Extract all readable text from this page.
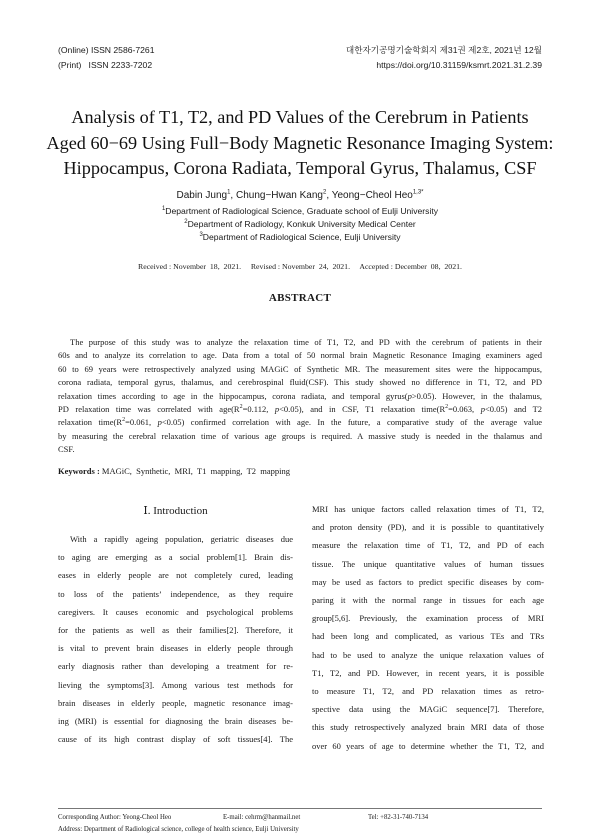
(Online) ISSN 2586-7261
(Print)   ISSN 2233-7202
대한자기공명기술학회지 제31권 제2호, 2021년 12월
https://doi.org/10.31159/ksmrt.2021.31.2.39
Analysis of T1, T2, and PD Values of the Cerebrum in Patients
Aged 60−69 Using Full−Body Magnetic Resonance Imaging System:
Hippocampus, Corona Radiata, Temporal Gyrus, Thalamus, CSF
Dabin Jung$^1$, Chung−Hwan Kang$^2$, Yeong−Cheol Heo$^{1,3*}$
$^1$Department of Radiological Science, Graduate school of Eulji University
$^2$Department of Radiology, Konkuk University Medical Center
$^3$Department of Radiological Science, Eulji University
Received : November  18,  2021.     Revised : November  24,  2021.     Accepted : December  08,  2021.
ABSTRACT
The purpose of this study was to analyze the relaxation time of T1, T2, and PD with the cerebrum of patients in their
60s and to analyze its correlation to age. Data from a total of 50 normal brain Magnetic Resonance Imaging examiners aged
60 to 69 years were retrospectively analyzed using MAGiC of Synthetic MR. The measurement sites were the hippocampus,
corona radiata, temporal gyrus, thalamus, and cerebrospinal fluid(CSF). This study showed no difference in T1, T2, and PD
relaxation times according to age in the hippocampus, corona radiata, and temporal gyrus(p>0.05). However, in the thalamus,
PD relaxation time was correlated with $age(R^2=0.112$, p<0.05), and in CSF, T1 relaxation $time(R^2=0.063$, p<0.05) and T2
relaxation $time(R^2=0.061$, p<0.05) confirmed correlation with age. In the future, a comparative study of the average value
by measuring the cerebral relaxation time of various age groups is required. A massive study is needed in the thalamus and
CSF.
Keywords : MAGiC,  Synthetic,  MRI,  T1  mapping,  T2  mapping
Ⅰ. Introduction
With a rapidly ageing population, geriatric diseases due
to aging are emerging as a social problem[1]. Brain dis-
eases in elderly people are not completely cured, leading
to loss of the patients’ independence, as they require
caregivers. It causes economic and psychological problems
for the patients as well as their families[2]. Therefore, it
is vital to prevent brain diseases in elderly people through
early diagnosis rather than developing a treatment for re-
lieving the symptoms[3]. Among various test methods for
brain diseases in elderly people, magnetic resonance imag-
ing (MRI) is essential for diagnosing the brain diseases be-
cause of its high contrast display of soft tissues[4]. The
MRI has unique factors called relaxation times of T1, T2,
and proton density (PD), and it is possible to quantitatively
measure the relaxation time of T1, T2, and PD of each
tissue. The unique quantitative values of human tissues
may be used as factors to predict specific diseases by com-
paring it with the normal range in tissues for each age
group[5,6]. Previously, the examination process of MRI
had been long and complicated, as various TEs and TRs
had to be used to analyze the unique relaxation values of
T1, T2, and PD. However, in recent years, it is possible
to measure T1, T2, and PD relaxation times as retro-
spective data using the MAGiC sequence[7]. Therefore,
this study retrospectively analyzed brain MRI data of those
over 60 years of age to determine whether the T1, T2, and
Corresponding Author: Yeong-Cheol Heo	E-mail: cehrm@hanmail.net	Tel: +82-31-740-7134
Address: Department of Radiological science, college of health science, Eulji University
